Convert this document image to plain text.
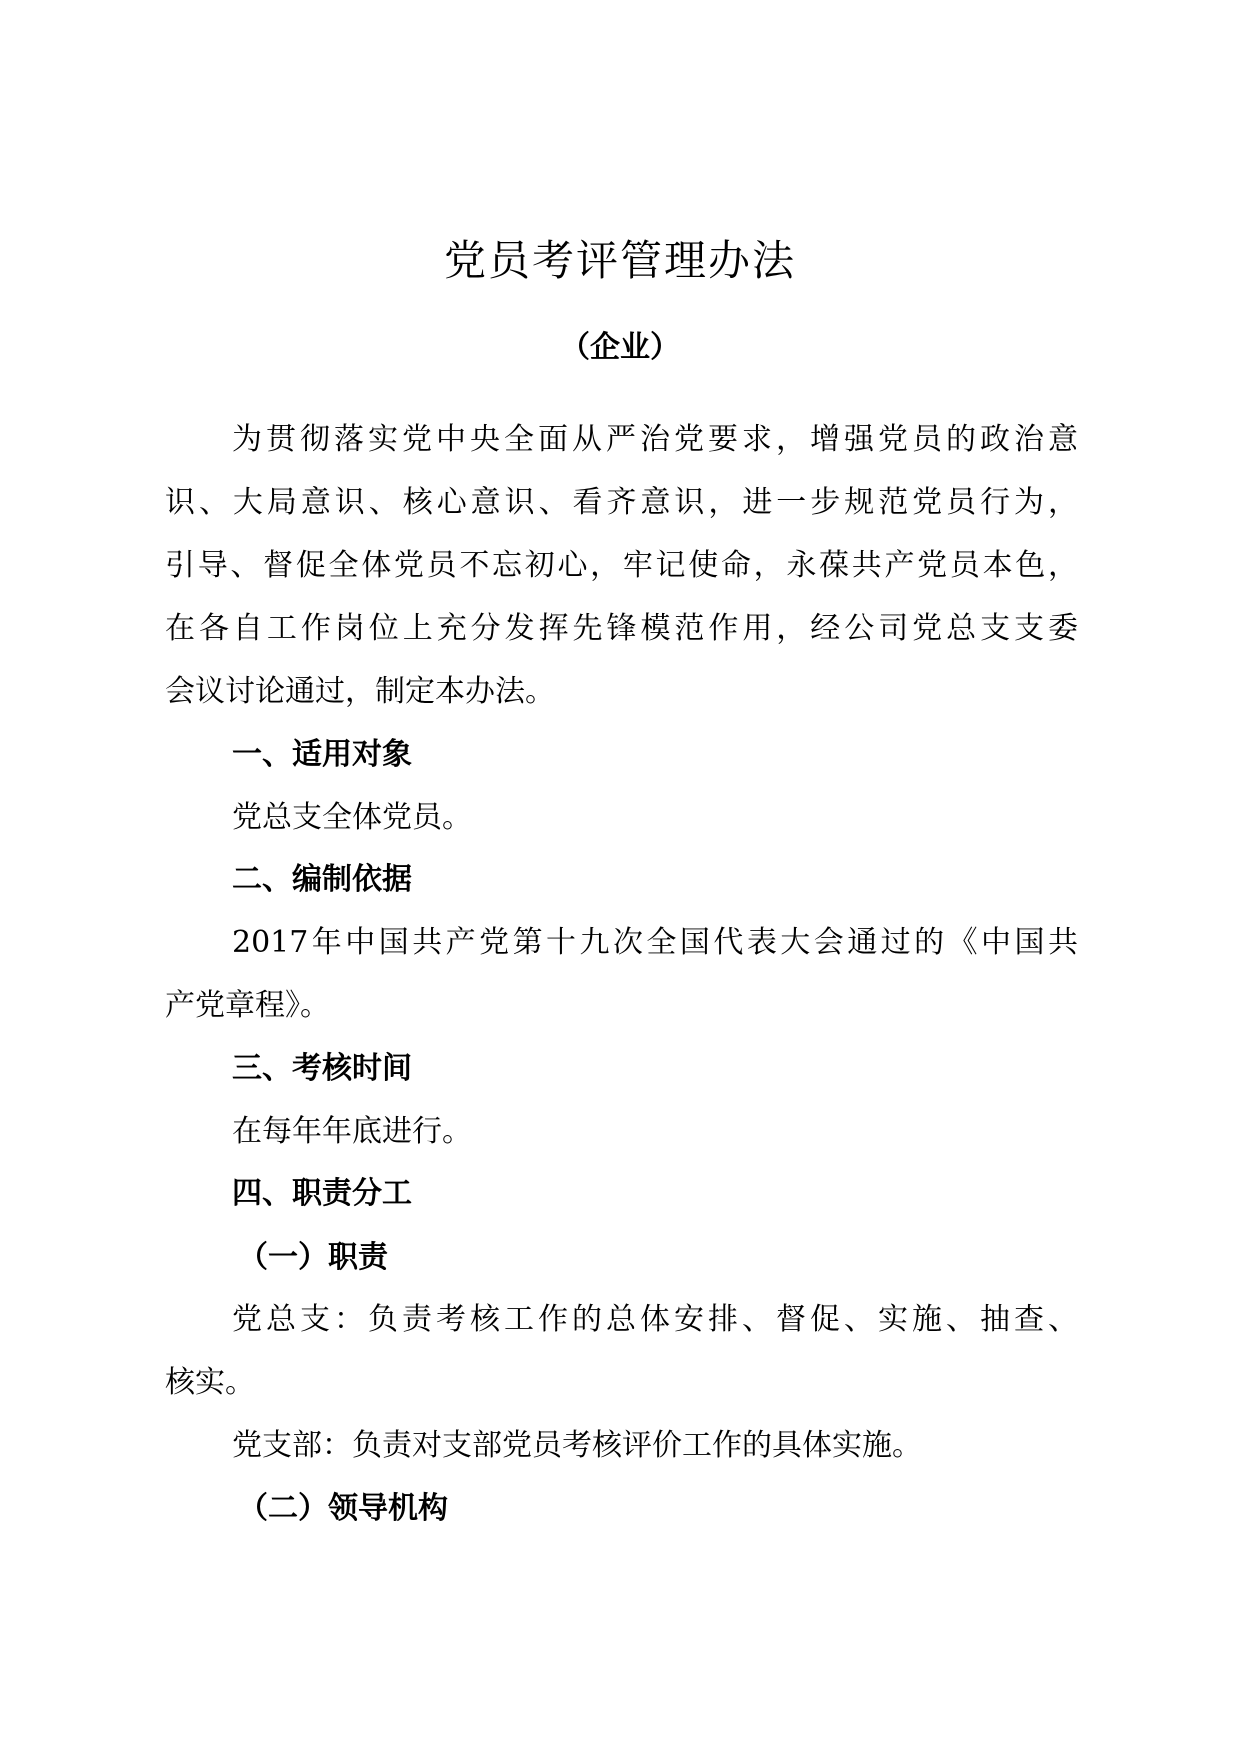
党员考评管理办法
（企业）
为贯彻落实党中央全面从严治党要求，增强党员的政治意
识、大局意识、核心意识、看齐意识，进一步规范党员行为，
引导、督促全体党员不忘初心，牢记使命，永葆共产党员本色，
在各自工作岗位上充分发挥先锋模范作用，经公司党总支支委
会议讨论通过，制定本办法。
一、适用对象
党总支全体党员。
二、编制依据
2017年中国共产党第十九次全国代表大会通过的《中国共
产党章程》。
三、考核时间
在每年年底进行。
四、职责分工
（一）职责
党总支：负责考核工作的总体安排、督促、实施、抽查、
核实。
党支部：负责对支部党员考核评价工作的具体实施。
（二）领导机构
